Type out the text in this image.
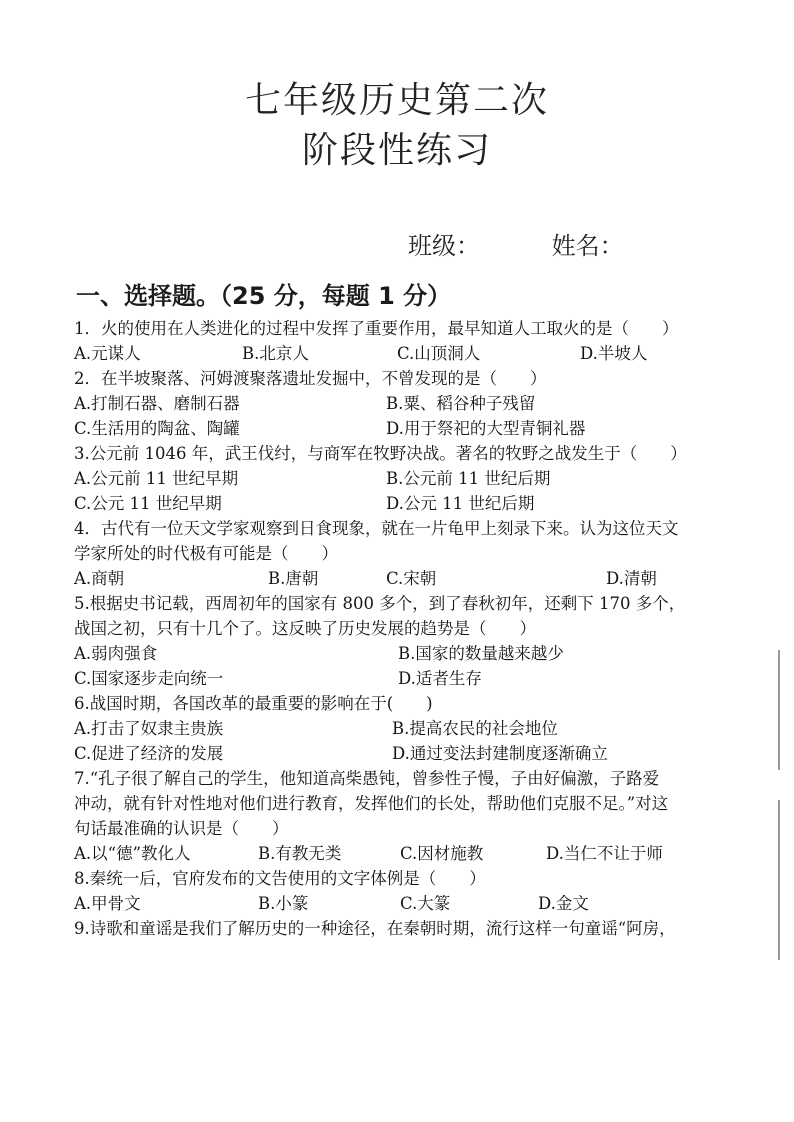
七年级历史第二次
阶段性练习
班级：	姓名：
一、选择题。（25 分，每题 1 分）
1．火的使用在人类进化的过程中发挥了重要作用，最早知道人工取火的是（　　）
A.元谋人	B.北京人	C.山顶洞人	D.半坡人
2．在半坡聚落、河姆渡聚落遗址发掘中，不曾发现的是（　　）
A.打制石器、磨制石器	B.粟、稻谷种子残留
C.生活用的陶盆、陶罐	D.用于祭祀的大型青铜礼器
3.公元前 1046 年，武王伐纣，与商军在牧野决战。著名的牧野之战发生于（　　）
A.公元前 11 世纪早期	B.公元前 11 世纪后期
C.公元 11 世纪早期	D.公元 11 世纪后期
4．古代有一位天文学家观察到日食现象，就在一片龟甲上刻录下来。认为这位天文
学家所处的时代极有可能是（　　）
A.商朝	B.唐朝	C.宋朝	D.清朝
5.根据史书记载，西周初年的国家有 800 多个，到了春秋初年，还剩下 170 多个，
战国之初，只有十几个了。这反映了历史发展的趋势是（　　）
A.弱肉强食	B.国家的数量越来越少
C.国家逐步走向统一	D.适者生存
6.战国时期，各国改革的最重要的影响在于(　　)
A.打击了奴隶主贵族	B.提高农民的社会地位
C.促进了经济的发展	D.通过变法封建制度逐渐确立
7.“孔子很了解自己的学生，他知道高柴愚钝，曾参性子慢，子由好偏激，子路爱
冲动，就有针对性地对他们进行教育，发挥他们的长处，帮助他们克服不足。”对这
句话最准确的认识是（　　）
A.以“德”教化人	B.有教无类	C.因材施教	D.当仁不让于师
8.秦统一后，官府发布的文告使用的文字体例是（　　）
A.甲骨文	B.小篆	C.大篆	D.金文
9.诗歌和童谣是我们了解历史的一种途径，在秦朝时期，流行这样一句童谣“阿房，
